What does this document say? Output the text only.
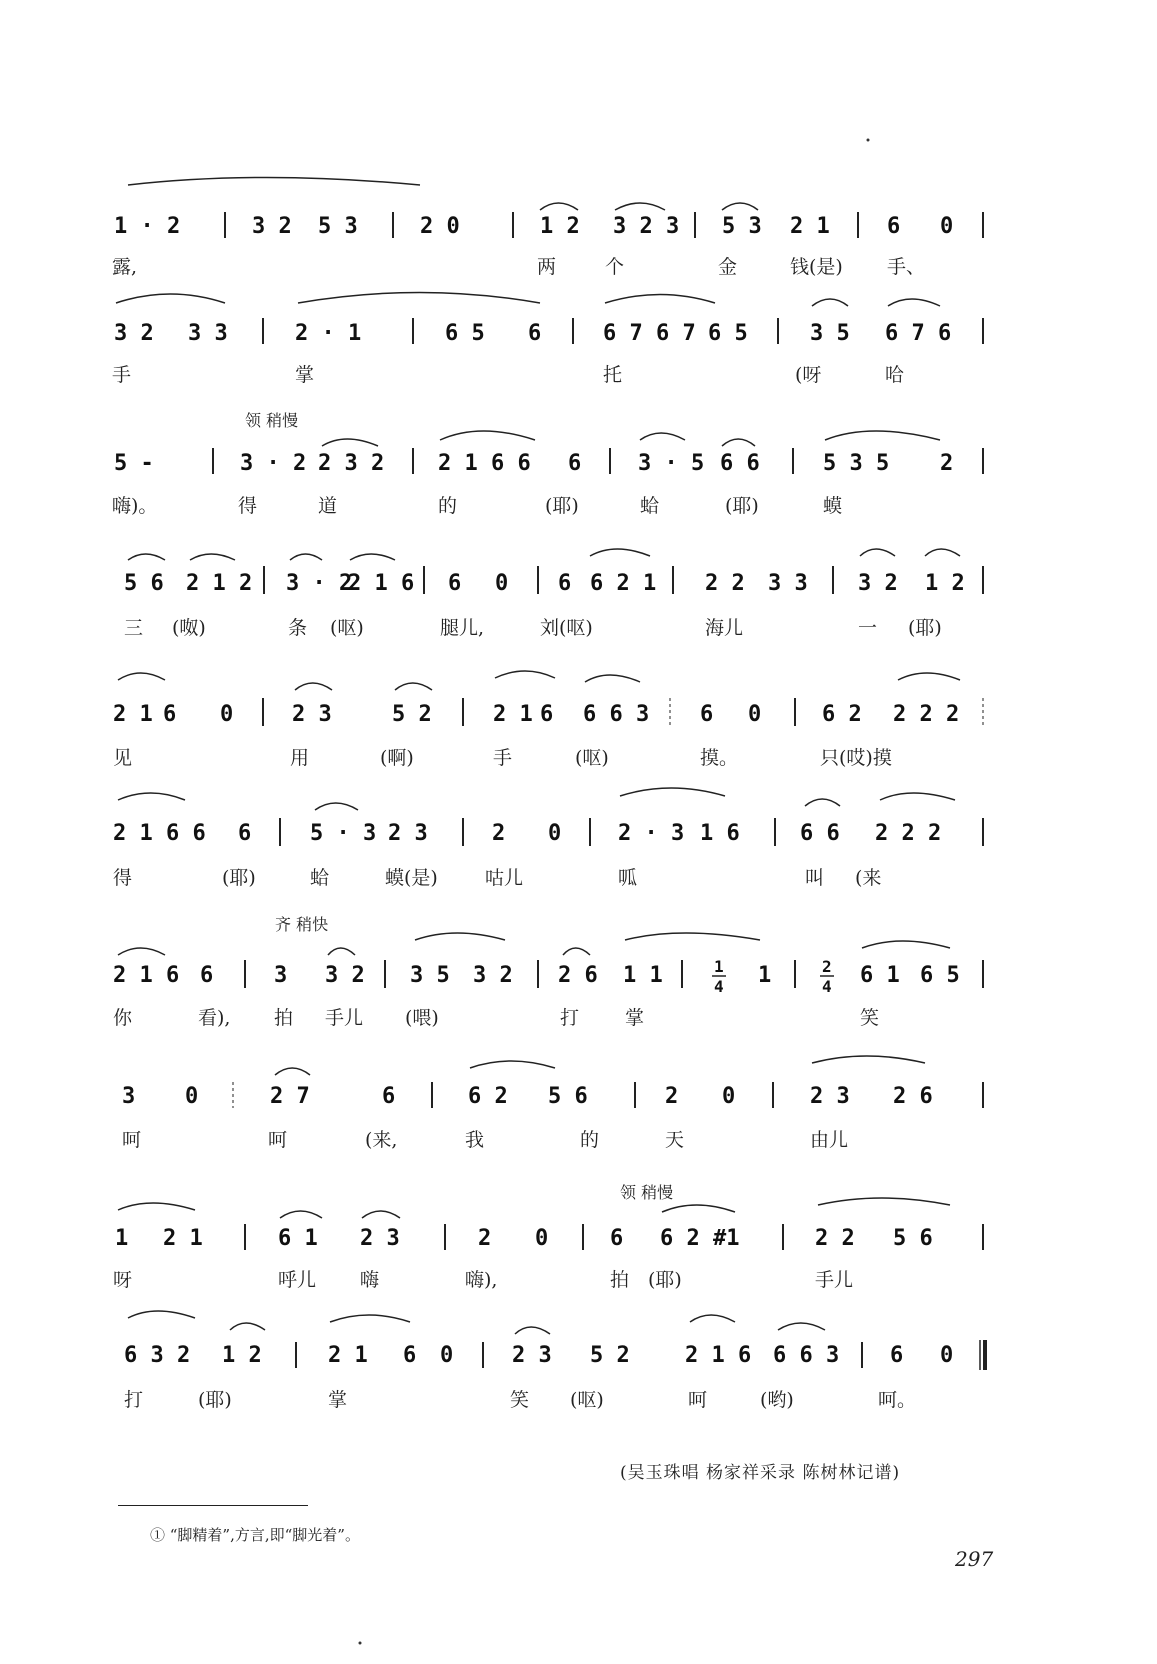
1 · 2	3 2 5 3	2 0	1 2 3 2 3 5 3 2 1	6 0
露,	两	个	金	钱(是) 手、
3 2 3 3	2 · 1	6 5 6	6 7 6 7 6 5	3 5 6 7 6
手	掌	托	(呀	哈
领 稍慢
5 -	3 · 2 2 3 2 2 1 6 6 6	3 · 5 6 6	5 3 5 2
嗨)。	得	道	的	(耶)	蛤	(耶)	蟆
5 6 2 1 2 3 · 2
2 1 6 6 0 6 6 2 1 2 2 3 3 3 2 1 2
三 (呶)	条 (呕)	腿儿,	刘(呕)	海儿	一 (耶)
2 1 6 0	2 3	5 2	2 1 6 6 6 3 6 0	6 2 2 2 2
见	用	(啊)	手	(呕)	摸。	只(哎)摸
2 1 6 6 6	5 · 3 2 3	2 0	2 · 3 1 6	6 6 2 2 2
得	(耶)	蛤	蟆(是) 咕儿	呱	叫 (来
齐 稍快
2 1 6 6	3 3 2 3 5 3 2 2 6 1 1	1
4 1	2
4 6 1 6 5
你	看), 拍 手儿 (喂)	打 掌	笑
3 0	2 7	6	6 2 5 6	2 0	2 3 2 6
呵	呵	(来,	我	的	天	由儿
领 稍慢
1 2 1	6 1 2 3	2 0	6 6 2 #1	2 2 5 6
呀	呼儿 嗨	嗨),	拍 (耶)	手儿
6 3 2 1 2	2 1 6 0	2 3 5 2	2 1 6 6 6 3 6 0
打	(耶)	掌	笑 (呕)	呵	(哟)	呵。
(吴玉珠唱 杨家祥采录 陈树林记谱)
① “脚精着”,方言,即“脚光着”。
297
